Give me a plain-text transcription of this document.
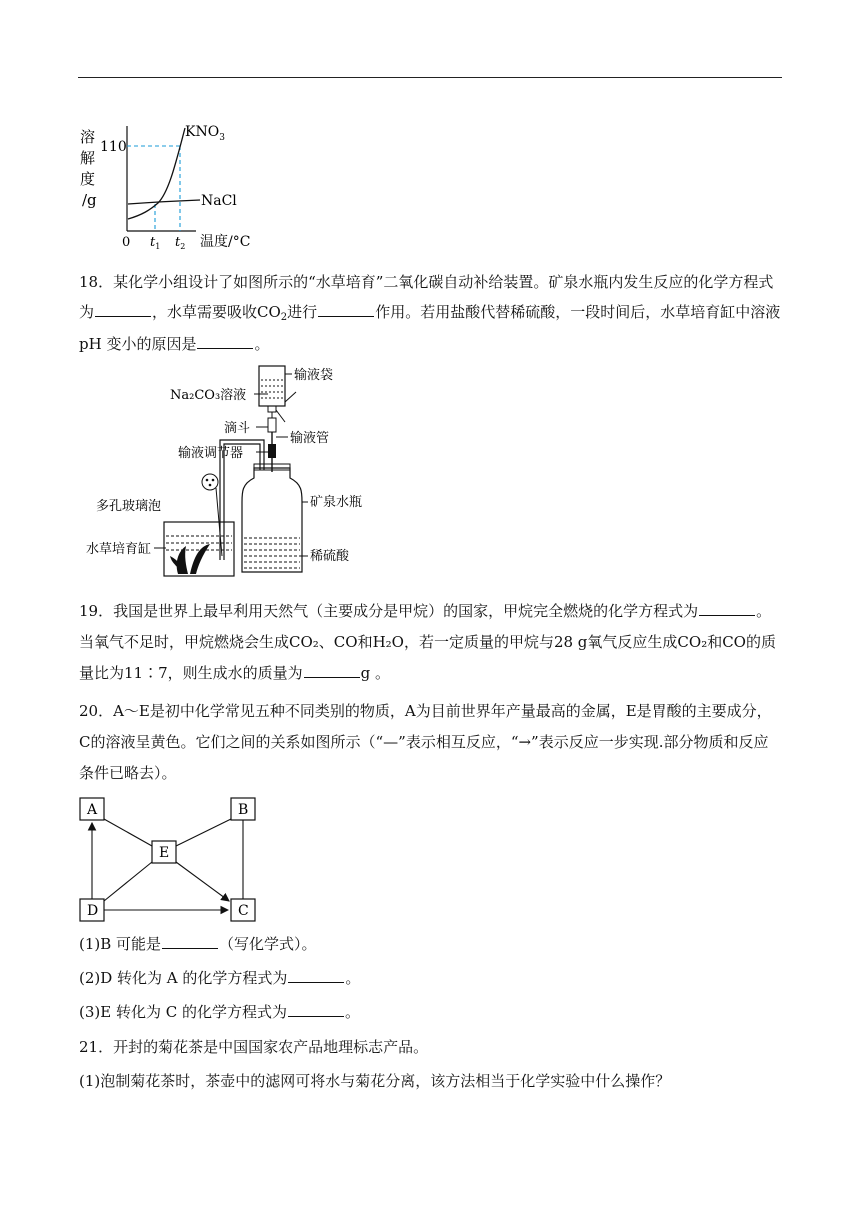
溶
解
度
/g
110
$KNO_3$
NaCl
0 $t_1$ $t_2$ 温度/°C
18．某化学小组设计了如图所示的“水草培育”二氧化碳自动补给装置。矿泉水瓶内发生反应的化学方程式
为	，水草需要吸收$CO_2$进行	作用。若用盐酸代替稀硫酸，一段时间后，水草培育缸中溶液
pH 变小的原因是	。
输液袋
Na₂CO₃溶液
滴斗
输液管
输液调节器
矿泉水瓶
多孔玻璃泡
水草培育缸	稀硫酸
19．我国是世界上最早利用天然气（主要成分是甲烷）的国家，甲烷完全燃烧的化学方程式为	。
当氧气不足时，甲烷燃烧会生成CO₂、CO和H₂O，若一定质量的甲烷与28 g氧气反应生成CO₂和CO的质
量比为11∶7，则生成水的质量为	g 。
20．A～E是初中化学常见五种不同类别的物质，A为目前世界年产量最高的金属，E是胃酸的主要成分，
C的溶液呈黄色。它们之间的关系如图所示（“—”表示相互反应，“→”表示反应一步实现.部分物质和反应
条件已略去）。
A	B
E
D	C
(1)B 可能是	（写化学式）。
(2)D 转化为 A 的化学方程式为	。
(3)E 转化为 C 的化学方程式为	。
21．开封的菊花茶是中国国家农产品地理标志产品。
(1)泡制菊花茶时，茶壶中的滤网可将水与菊花分离，该方法相当于化学实验中什么操作？
